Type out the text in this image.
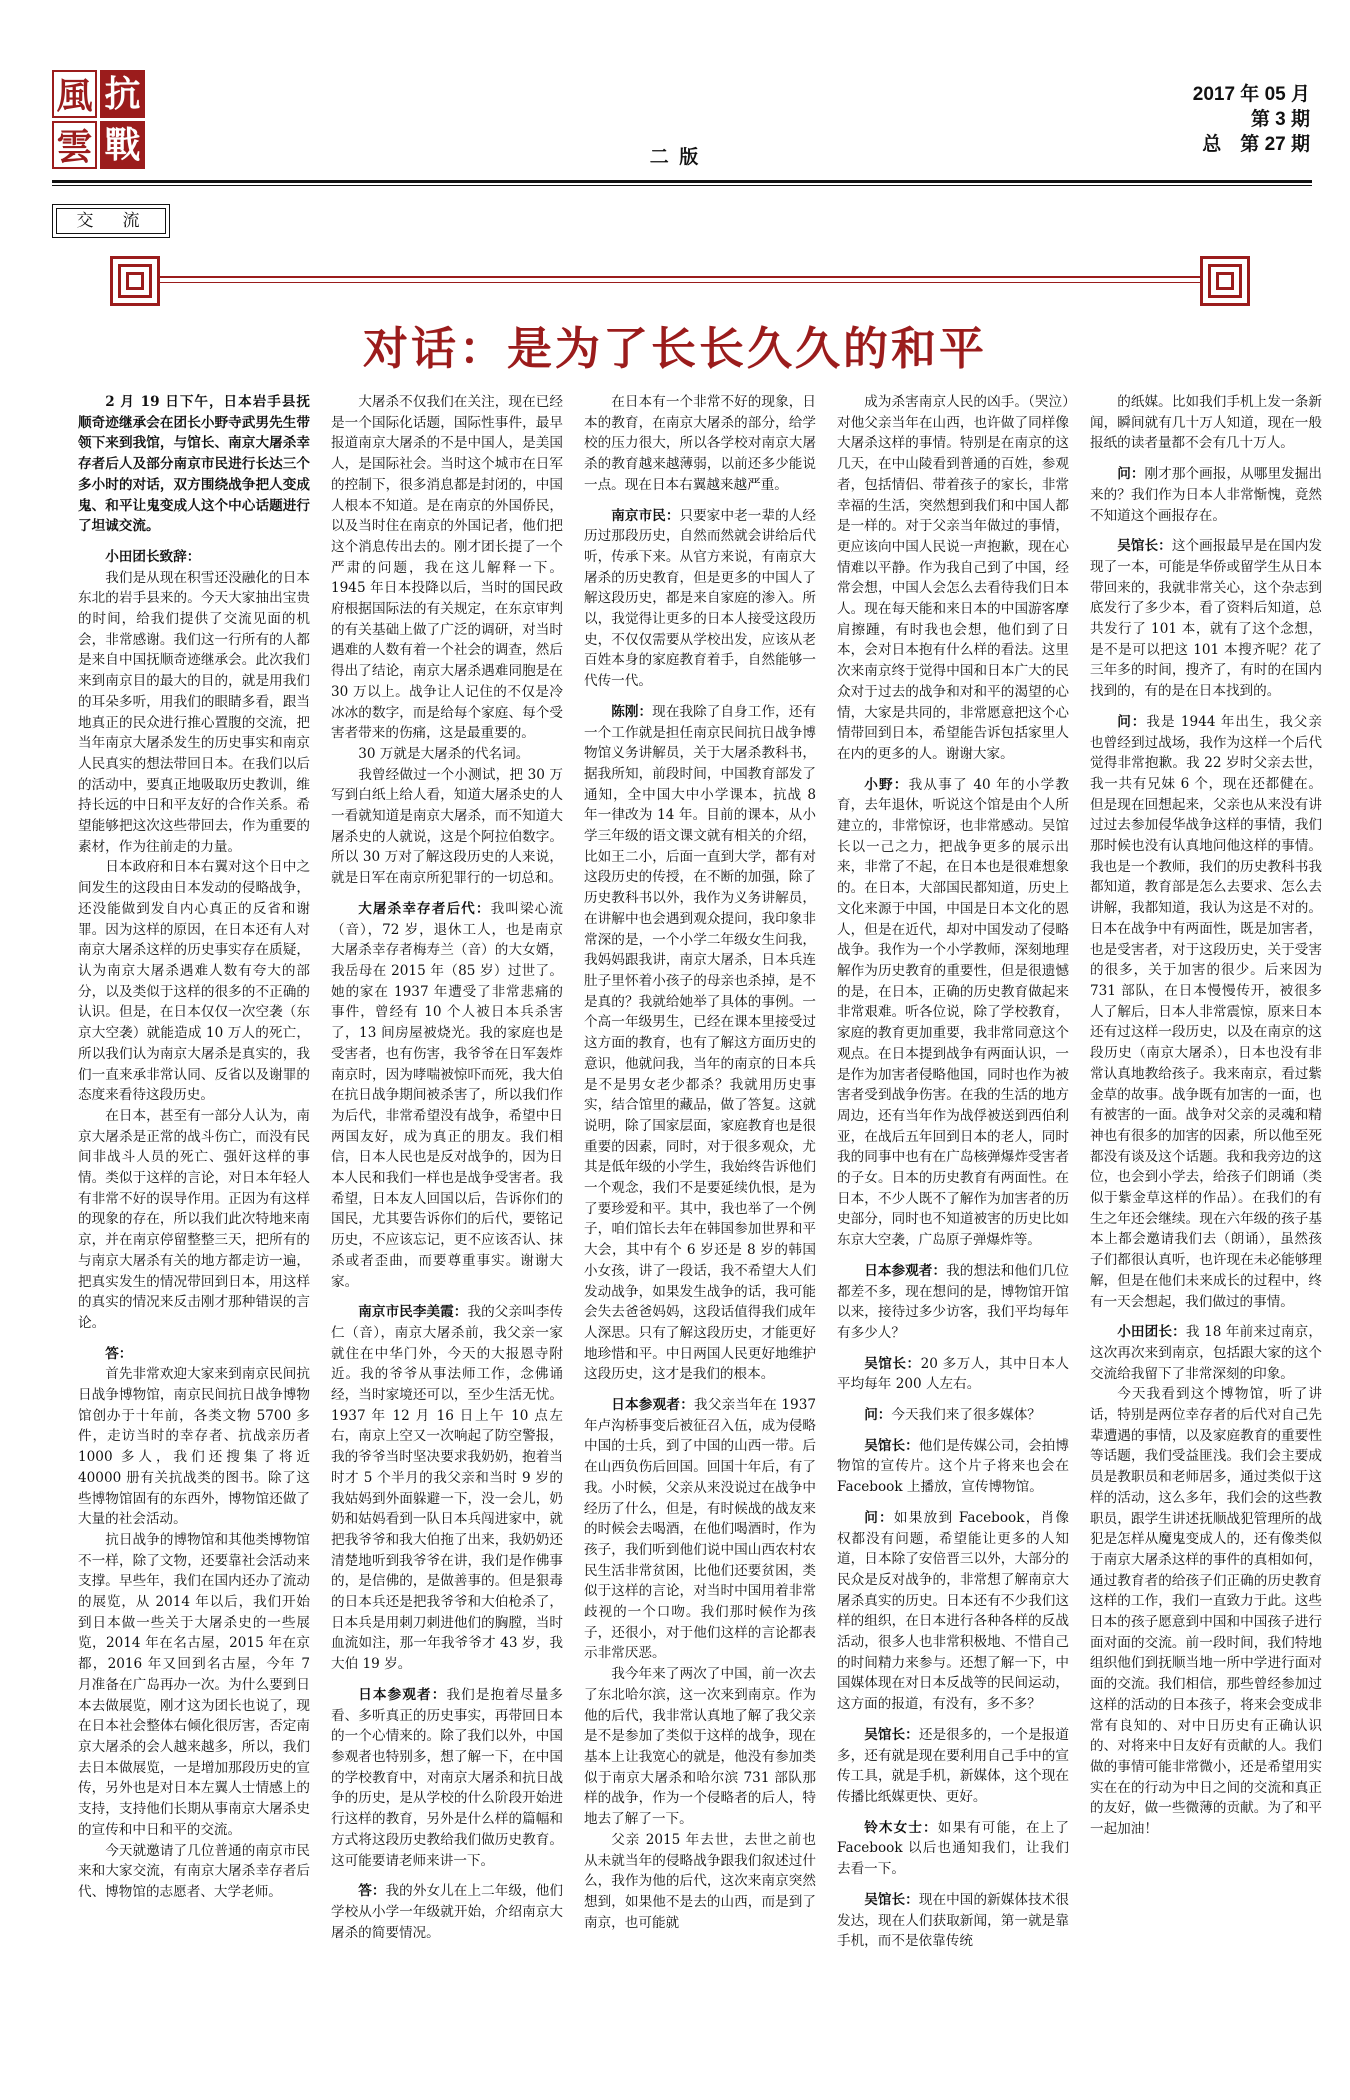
風 抗
雲 戰
2017 年 05 月
第 3 期
总　第 27 期
二 版
交　流
对话：是为了长长久久的和平

2 月 19 日下午，日本岩手县抚顺奇迹继承会在团长小野寺武男先生带领下来到我馆，与馆长、南京大屠杀幸存者后人及部分南京市民进行长达三个多小时的对话，双方围绕战争把人变成鬼、和平让鬼变成人这个中心话题进行了坦诚交流。

小田团长致辞：

我们是从现在积雪还没融化的日本东北的岩手县来的。今天大家抽出宝贵的时间，给我们提供了交流见面的机会，非常感谢。我们这一行所有的人都是来自中国抚顺奇迹继承会。此次我们来到南京目的最大的目的，就是用我们的耳朵多听，用我们的眼睛多看，跟当地真正的民众进行推心置腹的交流，把当年南京大屠杀发生的历史事实和南京人民真实的想法带回日本。在我们以后的活动中，要真正地吸取历史教训，维持长远的中日和平友好的合作关系。希望能够把这次这些带回去，作为重要的素材，作为往前走的力量。

日本政府和日本右翼对这个日中之间发生的这段由日本发动的侵略战争，还没能做到发自内心真正的反省和谢罪。因为这样的原因，在日本还有人对南京大屠杀这样的历史事实存在质疑，认为南京大屠杀遇难人数有夸大的部分，以及类似于这样的很多的不正确的认识。但是，在日本仅仅一次空袭（东京大空袭）就能造成 10 万人的死亡，所以我们认为南京大屠杀是真实的，我们一直来承非常认同、反省以及谢罪的态度来看待这段历史。

在日本，甚至有一部分人认为，南京大屠杀是正常的战斗伤亡，而没有民间非战斗人员的死亡、强奸这样的事情。类似于这样的言论，对日本年轻人有非常不好的误导作用。正因为有这样的现象的存在，所以我们此次特地来南京，并在南京停留整整三天，把所有的与南京大屠杀有关的地方都走访一遍，把真实发生的情况带回到日本，用这样的真实的情况来反击刚才那种错误的言论。

答：

首先非常欢迎大家来到南京民间抗日战争博物馆，南京民间抗日战争博物馆创办于十年前，各类文物 5700 多件，走访当时的幸存者、抗战亲历者 1000 多人，我们还搜集了将近 40000 册有关抗战类的图书。除了这些博物馆固有的东西外，博物馆还做了大量的社会活动。

抗日战争的博物馆和其他类博物馆不一样，除了文物，还要靠社会活动来支撑。早些年，我们在国内还办了流动的展览，从 2014 年以后，我们开始到日本做一些关于大屠杀史的一些展览，2014 年在名古屋，2015 年在京都，2016 年又回到名古屋，今年 7 月准备在广岛再办一次。为什么要到日本去做展览，刚才这为团长也说了，现在日本社会整体右倾化很厉害，否定南京大屠杀的会人越来越多，所以，我们去日本做展览，一是增加那段历史的宣传，另外也是对日本左翼人士情感上的支持，支持他们长期从事南京大屠杀史的宣传和中日和平的交流。

今天就邀请了几位普通的南京市民来和大家交流，有南京大屠杀幸存者后代、博物馆的志愿者、大学老师。

大屠杀不仅我们在关注，现在已经是一个国际化话题，国际性事件，最早报道南京大屠杀的不是中国人，是美国人，是国际社会。当时这个城市在日军的控制下，很多消息都是封闭的，中国人根本不知道。是在南京的外国侨民，以及当时住在南京的外国记者，他们把这个消息传出去的。刚才团长提了一个严肃的问题，我在这儿解释一下。1945 年日本投降以后，当时的国民政府根据国际法的有关规定，在东京审判的有关基础上做了广泛的调研，对当时遇难的人数有着一个社会的调查，然后得出了结论，南京大屠杀遇难同胞是在 30 万以上。战争让人记住的不仅是冷冰冰的数字，而是给每个家庭、每个受害者带来的伤痛，这是最重要的。

30 万就是大屠杀的代名词。

我曾经做过一个小测试，把 30 万写到白纸上给人看，知道大屠杀史的人一看就知道是南京大屠杀，而不知道大屠杀史的人就说，这是个阿拉伯数字。所以 30 万对了解这段历史的人来说，就是日军在南京所犯罪行的一切总和。

大屠杀幸存者后代：我叫梁心流（音），72 岁，退休工人，也是南京大屠杀幸存者梅寿兰（音）的大女婿，我岳母在 2015 年（85 岁）过世了。她的家在 1937 年遭受了非常悲痛的事件，曾经有 10 个人被日本兵杀害了，13 间房屋被烧光。我的家庭也是受害者，也有伤害，我爷爷在日军轰炸南京时，因为哮喘被惊吓而死，我大伯在抗日战争期间被杀害了，所以我们作为后代，非常希望没有战争，希望中日两国友好，成为真正的朋友。我们相信，日本人民也是反对战争的，因为日本人民和我们一样也是战争受害者。我希望，日本友人回国以后，告诉你们的国民，尤其要告诉你们的后代，要铭记历史，不应该忘记，更不应该否认、抹杀或者歪曲，而要尊重事实。谢谢大家。

南京市民李美霞：我的父亲叫李传仁（音），南京大屠杀前，我父亲一家就住在中华门外，今天的大报恩寺附近。我的爷爷从事法师工作，念佛诵经，当时家境还可以，至少生活无忧。1937 年 12 月 16 日上午 10 点左右，南京上空又一次响起了防空警报，我的爷爷当时坚决要求我奶奶，抱着当时才 5 个半月的我父亲和当时 9 岁的我姑妈到外面躲避一下，没一会儿，奶奶和姑妈看到一队日本兵闯进家中，就把我爷爷和我大伯拖了出来，我奶奶还清楚地听到我爷爷在讲，我们是作佛事的，是信佛的，是做善事的。但是狠毒的日本兵还是把我爷爷和大伯枪杀了，日本兵是用刺刀刺进他们的胸膛，当时血流如注，那一年我爷爷才 43 岁，我大伯 19 岁。

日本参观者：我们是抱着尽量多看、多听真正的历史事实，再带回日本的一个心情来的。除了我们以外，中国参观者也特别多，想了解一下，在中国的学校教育中，对南京大屠杀和抗日战争的历史，是从学校的什么阶段开始进行这样的教育，另外是什么样的篇幅和方式将这段历史教给我们做历史教育。这可能要请老师来讲一下。

答：我的外女儿在上二年级，他们学校从小学一年级就开始，介绍南京大屠杀的简要情况。

在日本有一个非常不好的现象，日本的教育，在南京大屠杀的部分，给学校的压力很大，所以各学校对南京大屠杀的教育越来越薄弱，以前还多少能说一点。现在日本右翼越来越严重。

南京市民：只要家中老一辈的人经历过那段历史，自然而然就会讲给后代听，传承下来。从官方来说，有南京大屠杀的历史教育，但是更多的中国人了解这段历史，都是来自家庭的渗入。所以，我觉得让更多的日本人接受这段历史，不仅仅需要从学校出发，应该从老百姓本身的家庭教育着手，自然能够一代传一代。

陈刚：现在我除了自身工作，还有一个工作就是担任南京民间抗日战争博物馆义务讲解员，关于大屠杀教科书，据我所知，前段时间，中国教育部发了通知，全中国大中小学课本，抗战 8 年一律改为 14 年。目前的课本，从小学三年级的语文课文就有相关的介绍，比如王二小，后面一直到大学，都有对这段历史的传授，在不断的加强，除了历史教科书以外，我作为义务讲解员，在讲解中也会遇到观众提问，我印象非常深的是，一个小学二年级女生问我，我妈妈跟我讲，南京大屠杀，日本兵连肚子里怀着小孩子的母亲也杀掉，是不是真的？我就给她举了具体的事例。一个高一年级男生，已经在课本里接受过这方面的教育，也有了解这方面历史的意识，他就问我，当年的南京的日本兵是不是男女老少都杀？我就用历史事实，结合馆里的藏品，做了答复。这就说明，除了国家层面，家庭教育也是很重要的因素，同时，对于很多观众，尤其是低年级的小学生，我始终告诉他们一个观念，我们不是要延续仇恨，是为了要珍爱和平。其中，我也举了一个例子，咱们馆长去年在韩国参加世界和平大会，其中有个 6 岁还是 8 岁的韩国小女孩，讲了一段话，我不希望大人们发动战争，如果发生战争的话，我可能会失去爸爸妈妈，这段话值得我们成年人深思。只有了解这段历史，才能更好地珍惜和平。中日两国人民更好地维护这段历史，这才是我们的根本。

日本参观者：我父亲当年在 1937 年卢沟桥事变后被征召入伍，成为侵略中国的士兵，到了中国的山西一带。后在山西负伤后回国。回国十年后，有了我。小时候，父亲从来没说过在战争中经历了什么，但是，有时候战的战友来的时候会去喝酒，在他们喝酒时，作为孩子，我们听到他们说中国山西农村农民生活非常贫困，比他们还要贫困，类似于这样的言论，对当时中国用着非常歧视的一个口吻。我们那时候作为孩子，还很小，对于他们这样的言论都表示非常厌恶。

我今年来了两次了中国，前一次去了东北哈尔滨，这一次来到南京。作为他的后代，我非常认真地了解了我父亲是不是参加了类似于这样的战争，现在基本上让我宽心的就是，他没有参加类似于南京大屠杀和哈尔滨 731 部队那样的战争，作为一个侵略者的后人，特地去了解了一下。

父亲 2015 年去世，去世之前也从未就当年的侵略战争跟我们叙述过什么，我作为他的后代，这次来南京突然想到，如果他不是去的山西，而是到了南京，也可能就

成为杀害南京人民的凶手。（哭泣）对他父亲当年在山西，也许做了同样像大屠杀这样的事情。特别是在南京的这几天，在中山陵看到普通的百姓，参观者，包括情侣、带着孩子的家长，非常幸福的生活，突然想到我们和中国人都是一样的。对于父亲当年做过的事情，更应该向中国人民说一声抱歉，现在心情难以平静。作为我自己到了中国，经常会想，中国人会怎么去看待我们日本人。现在每天能和来日本的中国游客摩肩擦踵，有时我也会想，他们到了日本，会对日本抱有什么样的看法。这里次来南京终于觉得中国和日本广大的民众对于过去的战争和对和平的渴望的心情，大家是共同的，非常愿意把这个心情带回到日本，希望能告诉包括家里人在内的更多的人。谢谢大家。

小野：我从事了 40 年的小学教育，去年退休，听说这个馆是由个人所建立的，非常惊讶，也非常感动。吴馆长以一己之力，把战争更多的展示出来，非常了不起，在日本也是很难想象的。在日本，大部国民都知道，历史上文化来源于中国，中国是日本文化的恩人，但是在近代，却对中国发动了侵略战争。我作为一个小学教师，深刻地理解作为历史教育的重要性，但是很遗憾的是，在日本，正确的历史教育做起来非常艰难。听各位说，除了学校教育，家庭的教育更加重要，我非常同意这个观点。在日本提到战争有两面认识，一是作为加害者侵略他国，同时也作为被害者受到战争伤害。在我的生活的地方周边，还有当年作为战俘被送到西伯利亚，在战后五年回到日本的老人，同时我的同事中也有在广岛核弹爆炸受害者的子女。日本的历史教育有两面性。在日本，不少人既不了解作为加害者的历史部分，同时也不知道被害的历史比如东京大空袭，广岛原子弹爆炸等。

日本参观者：我的想法和他们几位都差不多，现在想问的是，博物馆开馆以来，接待过多少访客，我们平均每年有多少人？

吴馆长：20 多万人，其中日本人平均每年 200 人左右。

问：今天我们来了很多媒体？

吴馆长：他们是传媒公司，会拍博物馆的宣传片。这个片子将来也会在 Facebook 上播放，宣传博物馆。

问：如果放到 Facebook，肖像权都没有问题，希望能让更多的人知道，日本除了安倍晋三以外，大部分的民众是反对战争的，非常想了解南京大屠杀真实的历史。日本还有不少我们这样的组织，在日本进行各种各样的反战活动，很多人也非常积极地、不惜自己的时间精力来参与。还想了解一下，中国媒体现在对日本反战等的民间运动，这方面的报道，有没有，多不多？

吴馆长：还是很多的，一个是报道多，还有就是现在要利用自己手中的宣传工具，就是手机，新媒体，这个现在传播比纸媒更快、更好。

铃木女士：如果有可能，在上了 Facebook 以后也通知我们，让我们去看一下。

吴馆长：现在中国的新媒体技术很发达，现在人们获取新闻，第一就是靠手机，而不是依靠传统

的纸媒。比如我们手机上发一条新闻，瞬间就有几十万人知道，现在一般报纸的读者量都不会有几十万人。

问：刚才那个画报，从哪里发掘出来的？我们作为日本人非常惭愧，竟然不知道这个画报存在。

吴馆长：这个画报最早是在国内发现了一本，可能是华侨或留学生从日本带回来的，我就非常关心，这个杂志到底发行了多少本，看了资料后知道，总共发行了 101 本，就有了这个念想，是不是可以把这 101 本搜齐呢？花了三年多的时间，搜齐了，有时的在国内找到的，有的是在日本找到的。

问：我是 1944 年出生，我父亲也曾经到过战场，我作为这样一个后代觉得非常抱歉。我 22 岁时父亲去世，我一共有兄妹 6 个，现在还都健在。但是现在回想起来，父亲也从来没有讲过过去参加侵华战争这样的事情，我们那时候也没有认真地问他这样的事情。我也是一个教师，我们的历史教科书我都知道，教育部是怎么去要求、怎么去讲解，我都知道，我认为这是不对的。日本在战争中有两面性，既是加害者，也是受害者，对于这段历史，关于受害的很多，关于加害的很少。后来因为 731 部队，在日本慢慢传开，被很多人了解后，日本人非常震惊，原来日本还有过这样一段历史，以及在南京的这段历史（南京大屠杀），日本也没有非常认真地教给孩子。我来南京，看过紫金草的故事。战争既有加害的一面，也有被害的一面。战争对父亲的灵魂和精神也有很多的加害的因素，所以他至死都没有谈及这个话题。我和我旁边的这位，也会到小学去，给孩子们朗诵（类似于紫金草这样的作品）。在我们的有生之年还会继续。现在六年级的孩子基本上都会邀请我们去（朗诵），虽然孩子们都很认真听，也许现在未必能够理解，但是在他们未来成长的过程中，终有一天会想起，我们做过的事情。

小田团长：我 18 年前来过南京，这次再次来到南京，包括跟大家的这个交流给我留下了非常深刻的印象。

今天我看到这个博物馆，听了讲话，特别是两位幸存者的后代对自己先辈遭遇的事情，以及家庭教育的重要性等话题，我们受益匪浅。我们会主要成员是教职员和老师居多，通过类似于这样的活动，这么多年，我们会的这些教职员，跟学生讲述抚顺战犯管理所的战犯是怎样从魔鬼变成人的，还有像类似于南京大屠杀这样的事件的真相如何，通过教育者的给孩子们正确的历史教育这样的工作，我们一直致力于此。这些日本的孩子愿意到中国和中国孩子进行面对面的交流。前一段时间，我们特地组织他们到抚顺当地一所中学进行面对面的交流。我们相信，那些曾经参加过这样的活动的日本孩子，将来会变成非常有良知的、对中日历史有正确认识的、对将来中日友好有贡献的人。我们做的事情可能非常微小，还是希望用实实在在的行动为中日之间的交流和真正的友好，做一些微薄的贡献。为了和平一起加油！
